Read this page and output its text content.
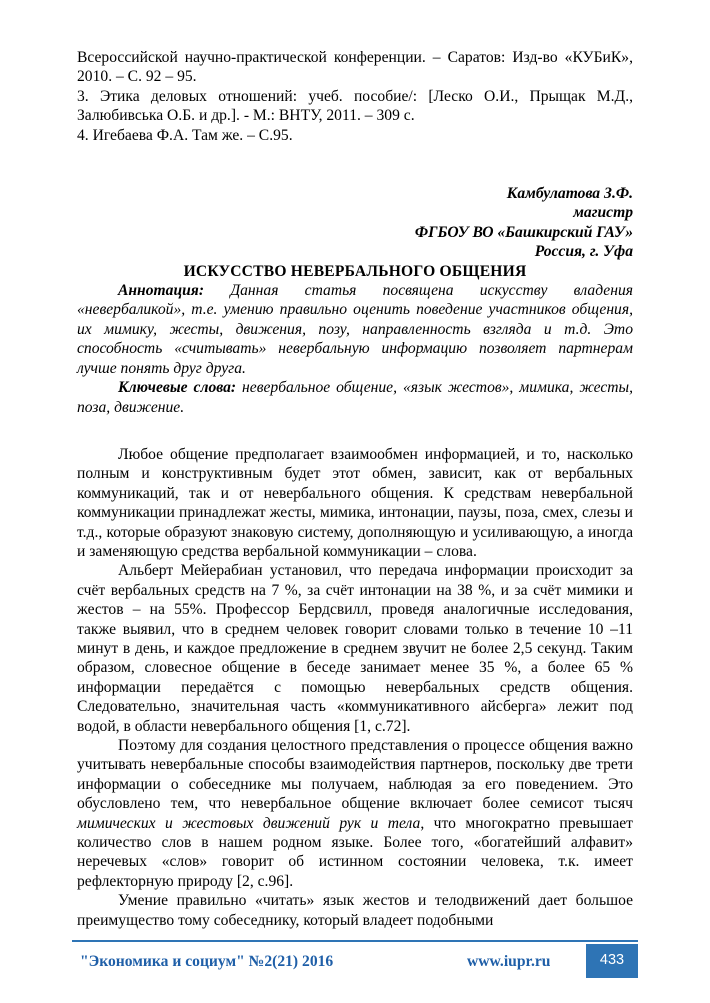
Всероссийской научно-практической конференции. – Саратов: Изд-во «КУБиК», 2010. – С. 92 – 95.

3. Этика деловых отношений: учеб. пособие/: [Леско О.И., Прыщак М.Д., Залюбивська О.Б. и др.]. - М.: ВНТУ, 2011. – 309 с.

4. Игебаева Ф.А. Там же. – С.95.

Камбулатова З.Ф.

магистр

ФГБОУ ВО «Башкирский ГАУ»

Россия, г. Уфа

ИСКУССТВО НЕВЕРБАЛЬНОГО ОБЩЕНИЯ

Аннотация: Данная статья посвящена искусству владения «невербаликой», т.е. умению правильно оценить поведение участников общения, их мимику, жесты, движения, позу, направленность взгляда и т.д. Это способность «считывать» невербальную информацию позволяет партнерам лучше понять друг друга.

Ключевые слова: невербальное общение, «язык жестов», мимика, жесты, поза, движение.

Любое общение предполагает взаимообмен информацией, и то, насколько полным и конструктивным будет этот обмен, зависит, как от вербальных коммуникаций, так и от невербального общения. К средствам невербальной коммуникации принадлежат жесты, мимика, интонации, паузы, поза, смех, слезы и т.д., которые образуют знаковую систему, дополняющую и усиливающую, а иногда и заменяющую средства вербальной коммуникации – слова.

Альберт Мейерабиан установил, что передача информации происходит за счёт вербальных средств на 7 %, за счёт интонации на 38 %, и за счёт мимики и жестов – на 55%. Профессор Бердсвилл, проведя аналогичные исследования, также выявил, что в среднем человек говорит словами только в течение 10 –11 минут в день, и каждое предложение в среднем звучит не более 2,5 секунд. Таким образом, словесное общение в беседе занимает менее 35 %, а более 65 % информации передаётся с помощью невербальных средств общения. Следовательно, значительная часть «коммуникативного айсберга» лежит под водой, в области невербального общения [1, с.72].

Поэтому для создания целостного представления о процессе общения важно учитывать невербальные способы взаимодействия партнеров, поскольку две трети информации о собеседнике мы получаем, наблюдая за его поведением. Это обусловлено тем, что невербальное общение включает более семисот тысяч мимических и жестовых движений рук и тела, что многократно превышает количество слов в нашем родном языке. Более того, «богатейший алфавит» неречевых «слов» говорит об истинном состоянии человека, т.к. имеет рефлекторную природу [2, с.96].

Умение правильно «читать» язык жестов и телодвижений дает большое преимущество тому собеседнику, который владеет подобными

"Экономика и социум" №2(21) 2016	www.iupr.ru	433
